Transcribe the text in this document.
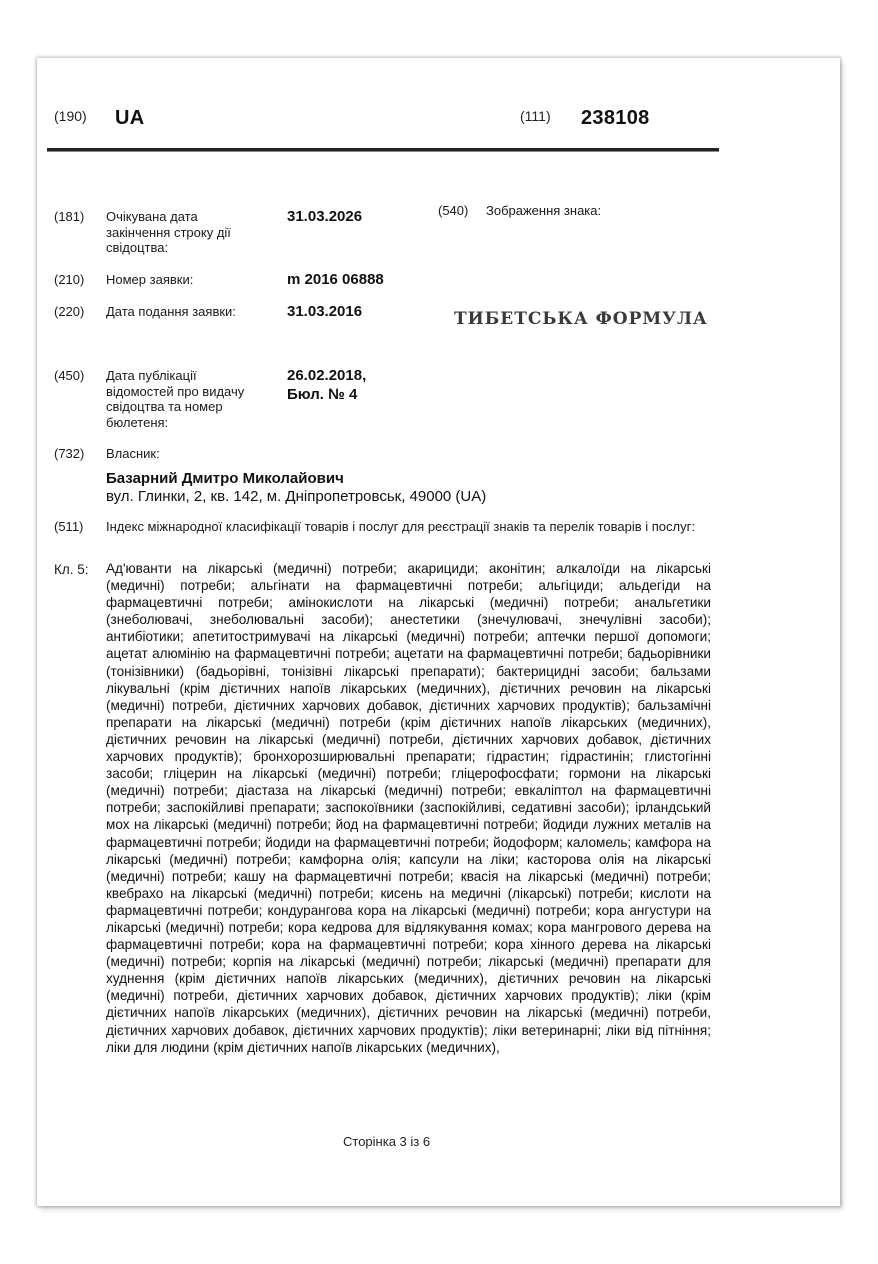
(190) UA	(111) 238108
(181) Очікувана дата закінчення строку дії свідоцтва:
31.03.2026	(540) Зображення знака:
ТИБЕТСЬКА ФОРМУЛА
(210) Номер заявки:	m 2016 06888
(220) Дата подання заявки:	31.03.2016
(450) Дата публікації відомостей про видачу свідоцтва та номер бюлетеня:
26.02.2018,
Бюл. № 4
(732) Власник:
Базарний Дмитро Миколайович
вул. Глинки, 2, кв. 142, м. Дніпропетровськ, 49000 (UA)
(511) Індекс міжнародної класифікації товарів і послуг для реєстрації знаків та перелік товарів і послуг:
Кл. 5: Ад'юванти на лікарські (медичні) потреби; акарициди; аконітин; алкалоїди на лікарські (медичні) потреби; альгінати на фармацевтичні потреби; альгіциди; альдегіди на фармацевтичні потреби; амінокислоти на лікарські (медичні) потреби; анальгетики (знеболювачі, знеболювальні засоби); анестетики (знечулювачі, знечулівні засоби); антибіотики; апетитостримувачі на лікарські (медичні) потреби; аптечки першої допомоги; ацетат алюмінію на фармацевтичні потреби; ацетати на фармацевтичні потреби; бадьорівники (тонізівники) (бадьорівні, тонізівні лікарські препарати); бактерицидні засоби; бальзами лікувальні (крім дієтичних напоїв лікарських (медичних), дієтичних речовин на лікарські (медичні) потреби, дієтичних харчових добавок, дієтичних харчових продуктів); бальзамічні препарати на лікарські (медичні) потреби (крім дієтичних напоїв лікарських (медичних), дієтичних речовин на лікарські (медичні) потреби, дієтичних харчових добавок, дієтичних харчових продуктів); бронхорозширювальні препарати; гідрастин; гідрастинін; глистогінні засоби; гліцерин на лікарські (медичні) потреби; гліцерофосфати; гормони на лікарські (медичні) потреби; діастаза на лікарські (медичні) потреби; евкаліптол на фармацевтичні потреби; заспокійливі препарати; заспокоївники (заспокійливі, седативні засоби); ірландський мох на лікарські (медичні) потреби; йод на фармацевтичні потреби; йодиди лужних металів на фармацевтичні потреби; йодиди на фармацевтичні потреби; йодоформ; каломель; камфора на лікарські (медичні) потреби; камфорна олія; капсули на ліки; касторова олія на лікарські (медичні) потреби; кашу на фармацевтичні потреби; квасія на лікарські (медичні) потреби; квебрахо на лікарські (медичні) потреби; кисень на медичні (лікарські) потреби; кислоти на фармацевтичні потреби; кондурангова кора на лікарські (медичні) потреби; кора ангустури на лікарські (медичні) потреби; кора кедрова для відлякування комах; кора мангрового дерева на фармацевтичні потреби; кора на фармацевтичні потреби; кора хінного дерева на лікарські (медичні) потреби; корпія на лікарські (медичні) потреби; лікарські (медичні) препарати для худнення (крім дієтичних напоїв лікарських (медичних), дієтичних речовин на лікарські (медичні) потреби, дієтичних харчових добавок, дієтичних харчових продуктів); ліки (крім дієтичних напоїв лікарських (медичних), дієтичних речовин на лікарські (медичні) потреби, дієтичних харчових добавок, дієтичних харчових продуктів); ліки ветеринарні; ліки від пітніння; ліки для людини (крім дієтичних напоїв лікарських (медичних),
Сторінка 3 із 6
